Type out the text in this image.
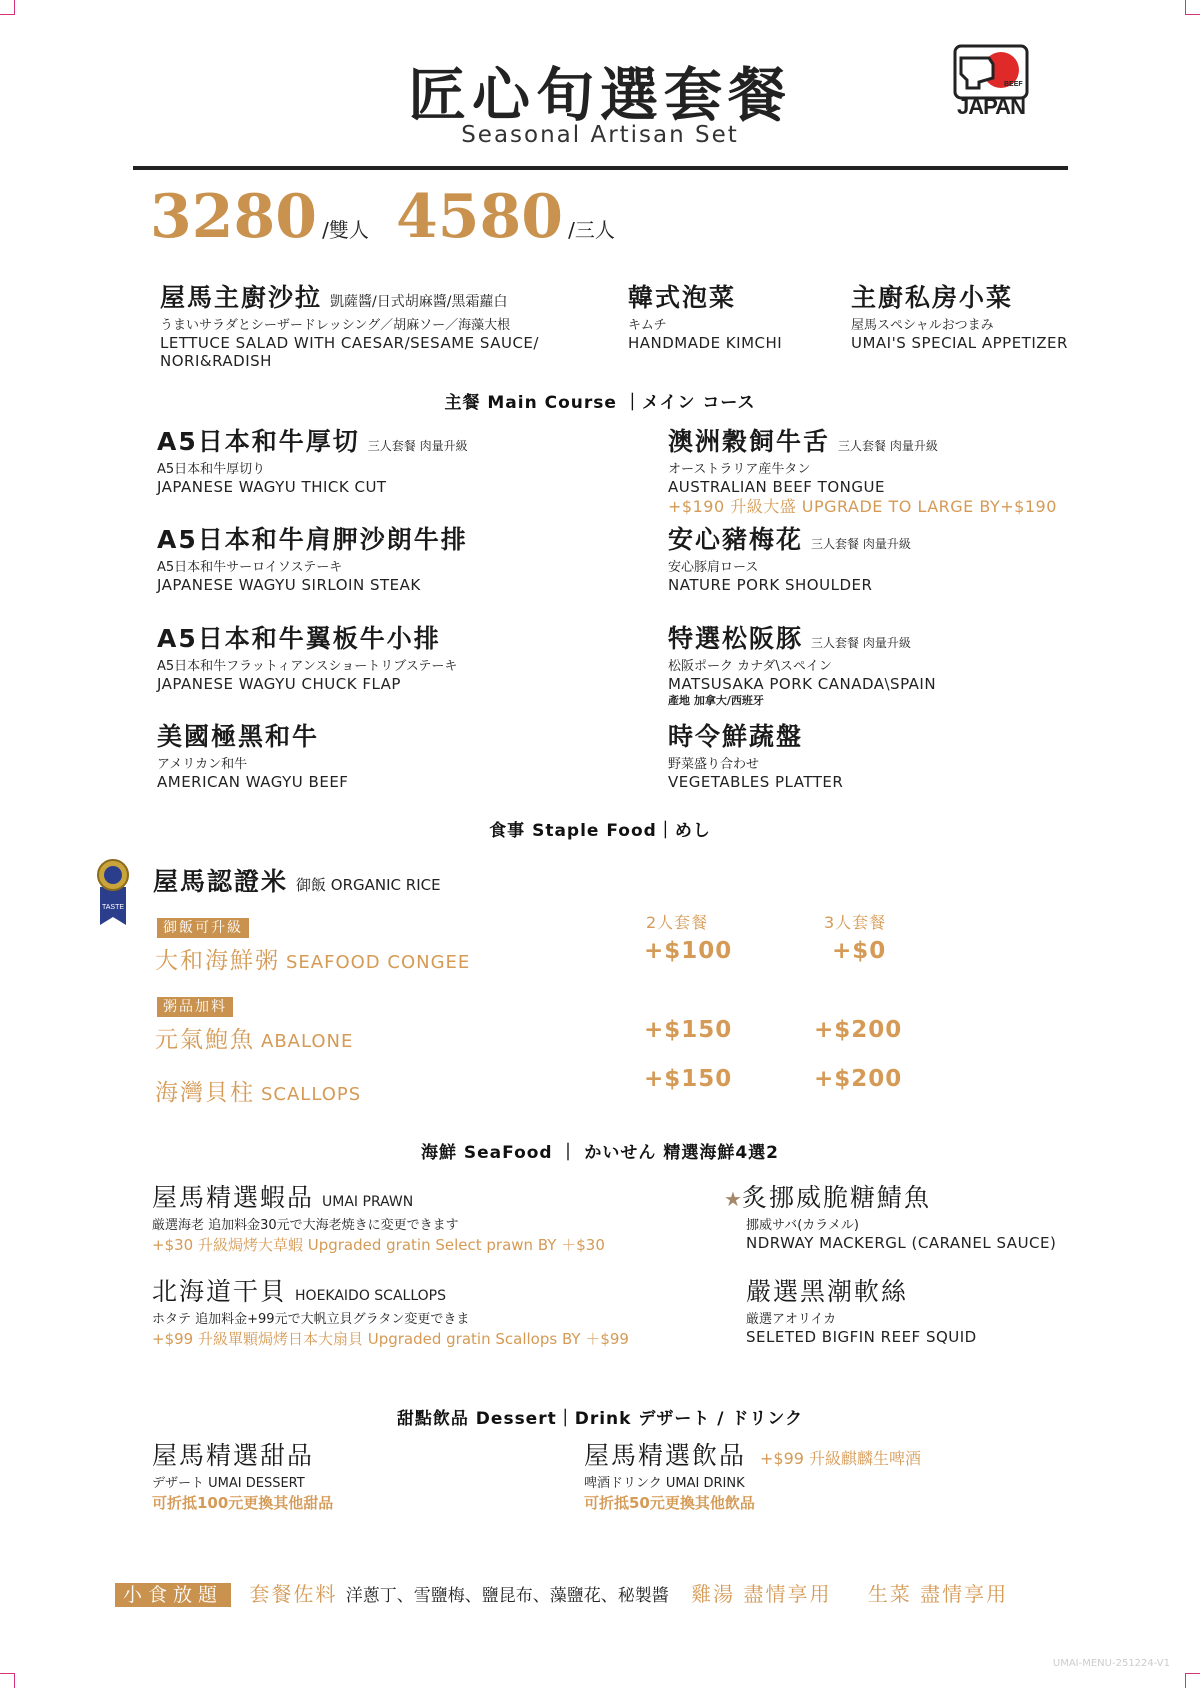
匠心旬選套餐
Seasonal Artisan Set
BEEF
JAPAN
3280 /雙人 4580 /三人
屋馬主廚沙拉 凱薩醬/日式胡麻醬/黑霜蘿白
うまいサラダとシーザードレッシング／胡麻ソー／海藻大根
LETTUCE SALAD WITH CAESAR/SESAME SAUCE/
NORI&RADISH
韓式泡菜
キムチ
HANDMADE KIMCHI
主廚私房小菜
屋馬スペシャルおつまみ
UMAI'S SPECIAL APPETIZER
主餐 Main Course ｜メイン コース
A5日本和牛厚切 三人套餐 肉量升級
A5日本和牛厚切り
JAPANESE WAGYU THICK CUT
澳洲穀飼牛舌 三人套餐 肉量升級
オーストラリア産牛タン
AUSTRALIAN BEEF TONGUE
+$190 升級大盛 UPGRADE TO LARGE BY+$190
A5日本和牛肩胛沙朗牛排
A5日本和牛サーロイソステーキ
JAPANESE WAGYU SIRLOIN STEAK
安心豬梅花 三人套餐 肉量升級
安心豚肩ロース
NATURE PORK SHOULDER
A5日本和牛翼板牛小排
A5日本和牛フラットィアンスショートリブステーキ
JAPANESE WAGYU CHUCK FLAP
特選松阪豚 三人套餐 肉量升級
松阪ポーク カナダ\スペイン
MATSUSAKA PORK CANADA\SPAIN
產地 加拿大/西班牙
美國極黑和牛
アメリカン和牛
AMERICAN WAGYU BEEF
時令鮮蔬盤
野菜盛り合わせ
VEGETABLES PLATTER
食事 Staple Food｜めし
TASTE
屋馬認證米 御飯 ORGANIC RICE
2人套餐	3人套餐
御飯可升級
大和海鮮粥 SEAFOOD CONGEE	+$100	+$0
粥品加料
元氣鮑魚 ABALONE	+$150	+$200
海灣貝柱 SCALLOPS
+$150	+$200
海鮮 SeaFood ｜ かいせん 精選海鮮4選2
屋馬精選蝦品 UMAI PRAWN
厳選海老 追加料金30元で大海老焼きに変更できます
+$30 升級焗烤大草蝦 Upgraded gratin Select prawn BY ＋$30
★炙挪威脆糖鯖魚
挪威サバ(カラメル)
NDRWAY MACKERGL (CARANEL SAUCE)
北海道干貝 HOEKAIDO SCALLOPS
ホタテ 追加料金+99元で大帆立貝グラタン変更できま
+$99 升級單顆焗烤日本大扇貝 Upgraded gratin Scallops BY ＋$99
嚴選黑潮軟絲
厳選アオリイカ
SELETED BIGFIN REEF SQUID
甜點飲品 Dessert｜Drink デザート / ドリンク
屋馬精選甜品
デザート UMAI DESSERT
可折抵100元更換其他甜品
屋馬精選飲品 +$99 升級麒麟生啤酒
啤酒ドリンク UMAI DRINK
可折抵50元更換其他飲品
小食放題 套餐佐料 洋蔥丁、雪鹽梅、鹽昆布、藻鹽花、秘製醬 雞湯 盡情享用 生菜 盡情享用
UMAI-MENU-251224-V1
